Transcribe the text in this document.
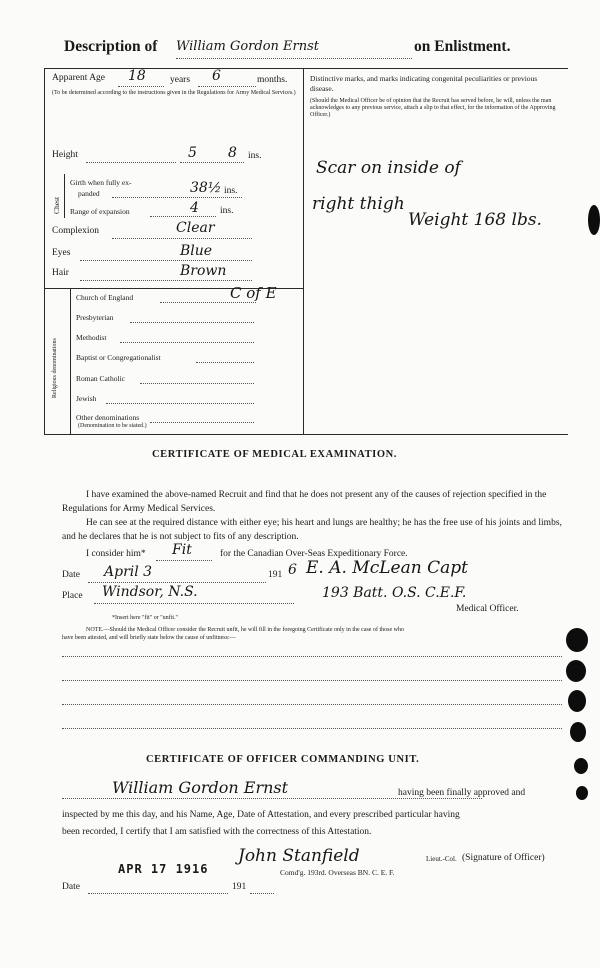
Description of William Gordon Ernst	on Enlistment.
Apparent Age 18	years 6	months.
(To be determined according to the instructions given in the Regulations for Army Medical Services.)
Height	5 8 ins.
Chest
Girth when fully ex-
panded	38½ ins.
Range of expansion	4 ins.
Complexion	Clear
Eyes	Blue
Hair	Brown
Religious denominations
Church of England	C of E
Presbyterian
Methodist
Baptist or Congregationalist
Roman Catholic
Jewish
Other denominations
(Denomination to be stated.)
Distinctive marks, and marks indicating congenital peculiarities or previous disease.
(Should the Medical Officer be of opinion that the Recruit has served before, he will, unless the man acknowledges to any previous service, attach a slip to that effect, for the information of the Approving Officer.)
Scar on inside of
right thigh
Weight 168 lbs.
CERTIFICATE OF MEDICAL EXAMINATION.
I have examined the above-named Recruit and find that he does not present any of the causes of rejection specified in the Regulations for Army Medical Services.
He can see at the required distance with either eye; his heart and lungs are healthy; he has the free use of his joints and limbs, and he declares that he is not subject to fits of any description.
I consider him* Fit	for the Canadian Over-Seas Expeditionary Force.
Date April 3	191 6 E. A. McLean Capt
Place Windsor, N.S.	193 Batt. O.S. C.E.F.
Medical Officer.
*Insert here "fit" or "unfit."
NOTE.—Should the Medical Officer consider the Recruit unfit, he will fill in the foregoing Certificate only in the case of those who
have been attested, and will briefly state below the cause of unfitness:—
CERTIFICATE OF OFFICER COMMANDING UNIT.
William Gordon Ernst	having been finally approved and
inspected by me this day, and his Name, Age, Date of Attestation, and every prescribed particular having
been recorded, I certify that I am satisfied with the correctness of this Attestation.
APR 17 1916
John Stanfield	Lieut.-Col. (Signature of Officer)
Comd'g. 193rd. Overseas BN. C. E. F.
Date	191
